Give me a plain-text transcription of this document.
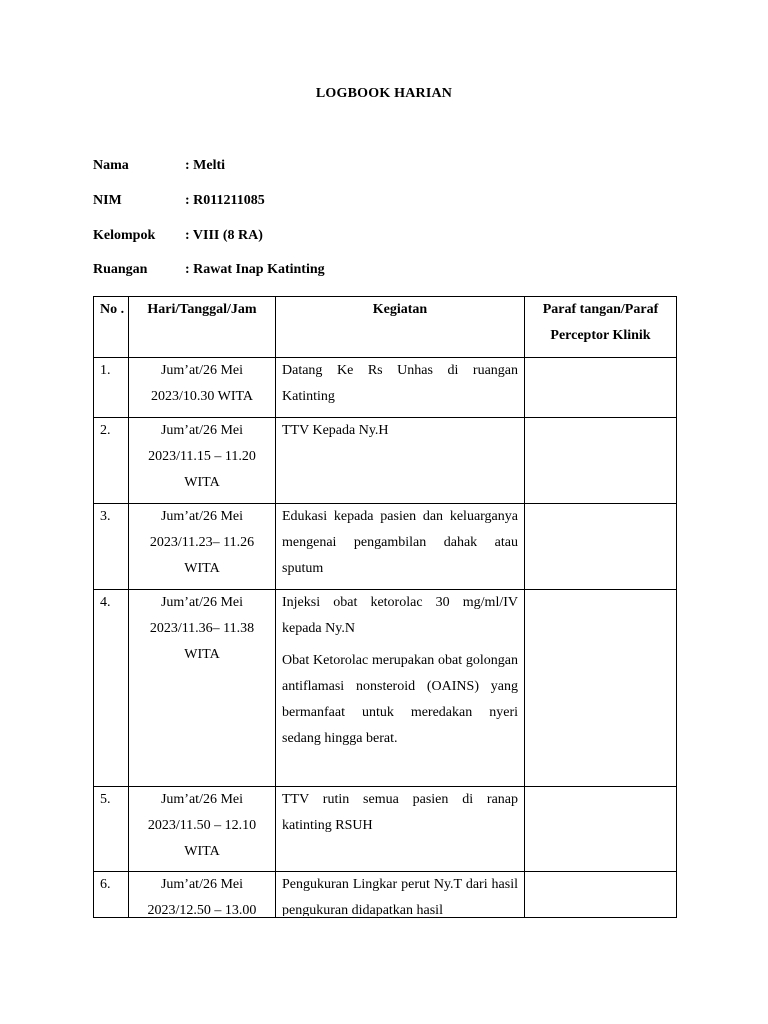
LOGBOOK HARIAN
Nama	: Melti
NIM	: R011211085
Kelompok : VIII (8 RA)
Ruangan	: Rawat Inap Katinting
No .	Hari/Tanggal/Jam	Kegiatan	Paraf tangan/Paraf Perceptor Klinik
1.	Jum’at/26 Mei 2023/10.30 WITA	Datang Ke Rs Unhas di ruangan Katinting	

2.	Jum’at/26 Mei 2023/11.15 – 11.20 WITA	TTV Kepada Ny.H	

3.	Jum’at/26 Mei 2023/11.23– 11.26 WITA	Edukasi kepada pasien dan keluarganya mengenai pengambilan dahak atau sputum	

4.	Jum’at/26 Mei 2023/11.36– 11.38 WITA	Injeksi obat ketorolac 30 mg/ml/IV kepada Ny.N
Obat Ketorolac merupakan obat golongan antiflamasi nonsteroid (OAINS) yang bermanfaat untuk meredakan nyeri sedang hingga berat.	

5.	Jum’at/26 Mei 2023/11.50 – 12.10 WITA	TTV rutin semua pasien di ranap katinting RSUH	

6.	Jum’at/26 Mei 2023/12.50 – 13.00	Pengukuran Lingkar perut Ny.T dari hasil pengukuran didapatkan hasil	
